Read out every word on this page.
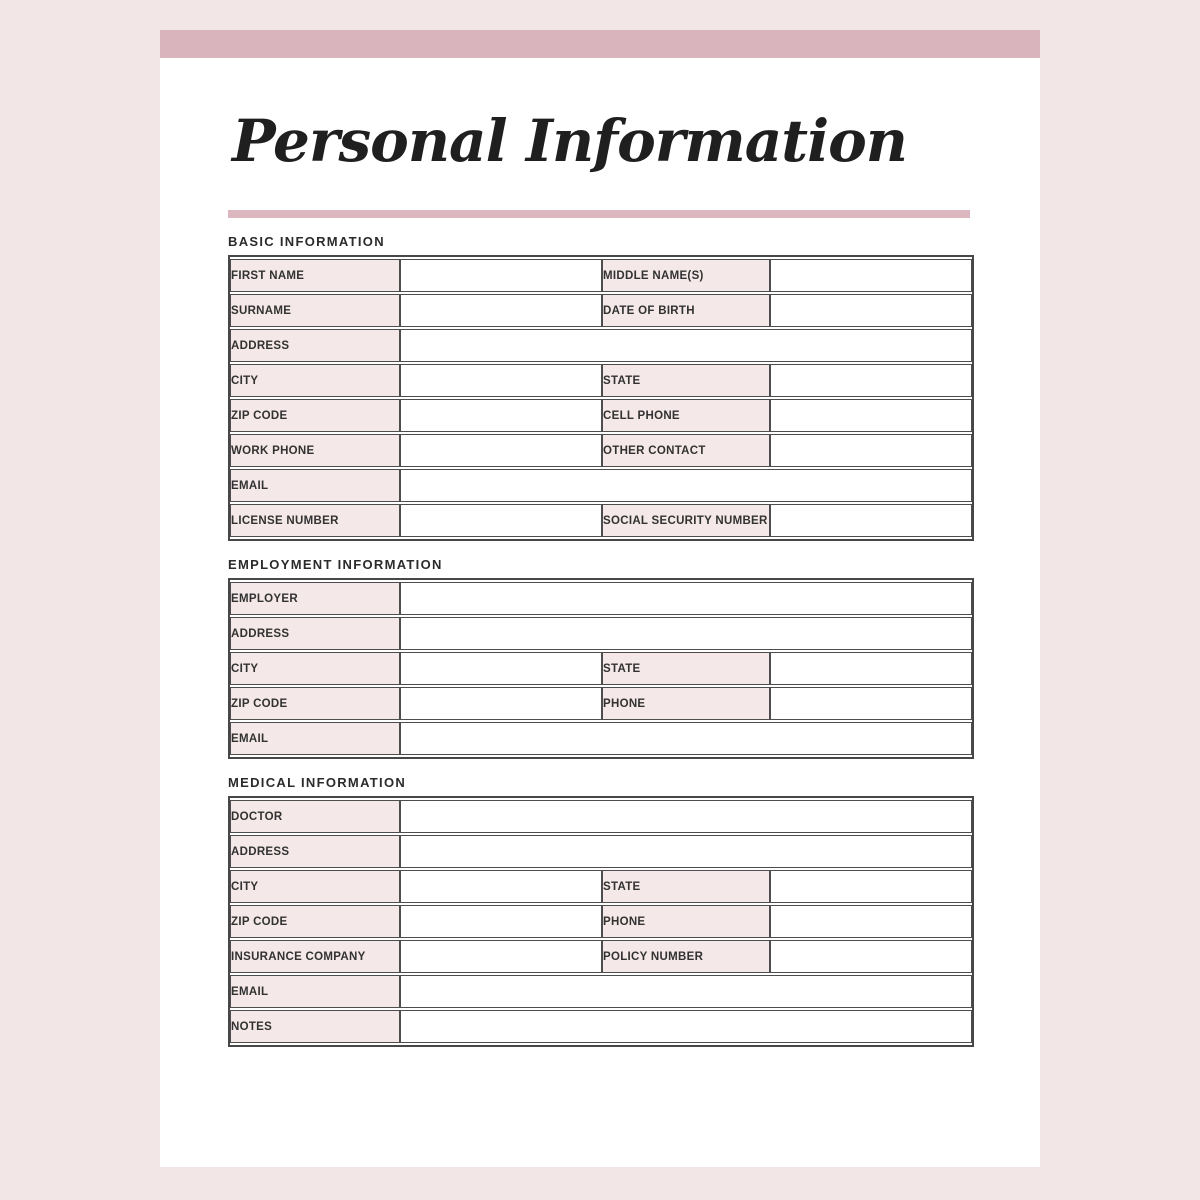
Personal Information
BASIC INFORMATION
FIRST NAME		MIDDLE NAME(S)	
SURNAME		DATE OF BIRTH	
ADDRESS			
CITY		STATE	
ZIP CODE		CELL PHONE	
WORK PHONE		OTHER CONTACT	
EMAIL			
LICENSE NUMBER		SOCIAL SECURITY NUMBER	
EMPLOYMENT INFORMATION
EMPLOYER			
ADDRESS			
CITY		STATE	
ZIP CODE		PHONE	
EMAIL			
MEDICAL INFORMATION
DOCTOR			
ADDRESS			
CITY		STATE	
ZIP CODE		PHONE	
INSURANCE COMPANY		POLICY NUMBER	
EMAIL			
NOTES			
